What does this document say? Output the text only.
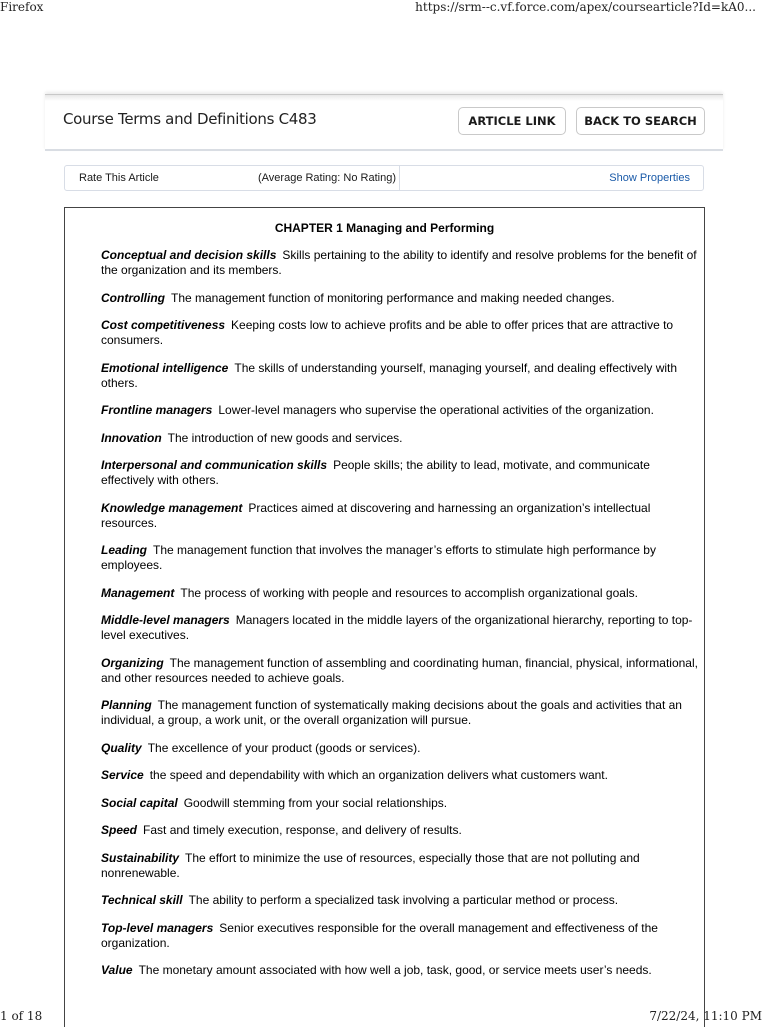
Firefox	https://srm--c.vf.force.com/apex/coursearticle?Id=kA0...
Course Terms and Definitions C483	ARTICLE LINK	BACK TO SEARCH
Rate This Article	(Average Rating: No Rating)	Show Properties
CHAPTER 1 Managing and Performing

Conceptual and decision skills Skills pertaining to the ability to identify and resolve problems for the benefit of the organization and its members.

Controlling The management function of monitoring performance and making needed changes.

Cost competitiveness Keeping costs low to achieve profits and be able to offer prices that are attractive to consumers.

Emotional intelligence The skills of understanding yourself, managing yourself, and dealing effectively with others.

Frontline managers Lower-level managers who supervise the operational activities of the organization.

Innovation The introduction of new goods and services.

Interpersonal and communication skills People skills; the ability to lead, motivate, and communicate effectively with others.

Knowledge management Practices aimed at discovering and harnessing an organization’s intellectual resources.

Leading The management function that involves the manager’s efforts to stimulate high performance by employees.

Management The process of working with people and resources to accomplish organizational goals.

Middle-level managers Managers located in the middle layers of the organizational hierarchy, reporting to top-level executives.

Organizing The management function of assembling and coordinating human, financial, physical, informational, and other resources needed to achieve goals.

Planning The management function of systematically making decisions about the goals and activities that an individual, a group, a work unit, or the overall organization will pursue.

Quality The excellence of your product (goods or services).

Service the speed and dependability with which an organization delivers what customers want.

Social capital Goodwill stemming from your social relationships.

Speed Fast and timely execution, response, and delivery of results.

Sustainability The effort to minimize the use of resources, especially those that are not polluting and nonrenewable.

Technical skill The ability to perform a specialized task involving a particular method or process.

Top-level managers Senior executives responsible for the overall management and effectiveness of the organization.

Value The monetary amount associated with how well a job, task, good, or service meets user’s needs.

1 of 18	7/22/24, 11:10 PM
